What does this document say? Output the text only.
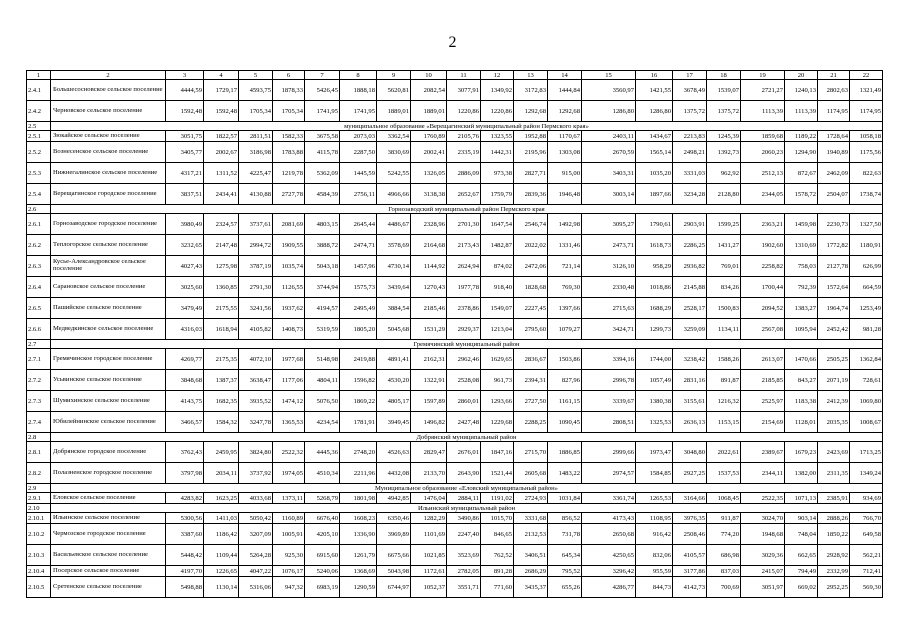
2
1	2	3	4	5	6	7	8	9	10	11	12	13	14	15	16	17	18	19	20	21	22
2.4.1	Большесосновское сельское поселение	4444,59	1729,17	4593,75	1878,33	5426,45	1888,18	5620,81	2082,54	3077,91	1349,92	3172,83	1444,84	3560,97	1421,55	3678,49	1539,07	2721,27	1240,13	2802,63	1321,49
2.4.2	Черновское сельское поселение	1592,48	1592,48	1705,34	1705,34	1741,95	1741,95	1889,01	1889,01	1220,86	1220,86	1292,68	1292,68	1286,80	1286,80	1375,72	1375,72	1113,39	1113,39	1174,95	1174,95
2.5	муниципальное образование «Верещагинский муниципальный район Пермского края»																				
2.5.1	Зюкайское сельское поселение	3051,75	1822,57	2811,51	1582,33	3675,58	2073,03	3362,54	1760,89	2105,76	1323,55	1952,88	1170,67	2403,11	1434,67	2213,83	1245,39	1859,68	1189,22	1728,64	1058,18
2.5.2	Вознесенское сельское поселение	3405,77	2002,67	3186,98	1783,88	4115,78	2287,50	3830,69	2002,41	2335,19	1442,31	2195,96	1303,08	2670,59	1565,14	2498,21	1392,73	2060,23	1294,90	1940,89	1175,56
2.5.3	Нижнегалинское сельское поселение	4317,21	1311,52	4225,47	1219,78	5362,09	1445,59	5242,55	1326,05	2886,09	973,38	2827,71	915,00	3403,31	1035,20	3331,03	962,92	2512,13	872,67	2462,09	822,63
2.5.4	Верещагинское городское поселение	3837,51	2434,41	4130,88	2727,78	4584,39	2756,11	4966,66	3138,38	2652,67	1759,79	2839,36	1946,48	3003,14	1897,66	3234,28	2128,80	2344,05	1578,72	2504,07	1738,74
2.6	Горнозаводский муниципальный район Пермского края																				
2.6.1	Горнозаводское городское поселение	3980,49	2324,57	3737,61	2081,69	4803,15	2645,44	4486,67	2328,96	2701,30	1647,54	2546,74	1492,98	3095,27	1790,61	2903,91	1599,25	2363,21	1459,98	2230,73	1327,50
2.6.2	Теплогорское сельское поселение	3232,65	2147,48	2994,72	1909,55	3888,72	2474,71	3578,69	2164,68	2173,43	1482,87	2022,02	1331,46	2473,71	1618,73	2286,25	1431,27	1902,60	1310,69	1772,82	1180,91
2.6.3	Кусье-Александровское сельское поселение	4027,43	1275,98	3787,19	1035,74	5043,18	1457,96	4730,14	1144,92	2624,94	874,02	2472,06	721,14	3126,10	958,29	2936,82	769,01	2258,82	758,03	2127,78	626,99
2.6.4	Сарановское сельское поселение	3025,60	1360,85	2791,30	1126,55	3744,94	1575,73	3439,64	1270,43	1977,78	918,40	1828,68	769,30	2330,48	1018,86	2145,88	834,26	1700,44	792,39	1572,64	664,59
2.6.5	Пашийское сельское поселение	3479,49	2175,55	3241,56	1937,62	4194,57	2495,49	3884,54	2185,46	2378,86	1549,07	2227,45	1397,66	2715,63	1688,29	2528,17	1500,83	2094,52	1383,27	1964,74	1253,49
2.6.6	Медведкинское сельское поселение	4316,03	1618,94	4105,82	1408,73	5319,59	1805,20	5045,68	1531,29	2929,37	1213,04	2795,60	1079,27	3424,71	1299,73	3259,09	1134,11	2567,08	1095,94	2452,42	981,28
2.7	Гремячинский муниципальный район																				
2.7.1	Гремячинское городское поселение	4269,77	2175,35	4072,10	1977,68	5148,98	2419,88	4891,41	2162,31	2962,46	1629,65	2836,67	1503,86	3394,16	1744,00	3238,42	1588,26	2613,07	1470,66	2505,25	1362,84
2.7.2	Усьвинское сельское поселение	3848,68	1387,37	3638,47	1177,06	4804,11	1596,82	4530,20	1322,91	2528,08	961,73	2394,31	827,96	2996,78	1057,49	2831,16	891,87	2185,85	843,27	2071,19	728,61
2.7.3	Шумихинское сельское поселение	4143,75	1682,35	3935,52	1474,12	5076,50	1869,22	4805,17	1597,89	2860,01	1293,66	2727,50	1161,15	3339,67	1380,38	3155,61	1216,32	2525,97	1183,38	2412,39	1069,80
2.7.4	Юбилейнинское сельское поселение	3466,57	1584,32	3247,78	1365,53	4234,54	1781,91	3949,45	1496,82	2427,48	1229,68	2288,25	1090,45	2808,51	1325,53	2636,13	1153,15	2154,69	1128,01	2035,35	1008,67
2.8	Добрянский муниципальный район																				
2.8.1	Добрянское городское поселение	3762,43	2459,95	3824,80	2522,32	4445,36	2748,20	4526,63	2829,47	2676,01	1847,16	2715,70	1886,85	2999,66	1973,47	3048,80	2022,61	2389,67	1679,23	2423,69	1713,25
2.8.2	Полазненское городское поселение	3797,98	2034,11	3737,92	1974,05	4510,34	2211,96	4432,08	2133,70	2643,90	1521,44	2605,68	1483,22	2974,57	1584,85	2927,25	1537,53	2344,11	1382,00	2311,35	1349,24
2.9	Муниципальное образование «Еловский муниципальный район»																				
2.9.1	Еловское сельское поселение	4283,82	1623,25	4033,68	1373,11	5268,79	1801,98	4942,85	1476,04	2884,11	1191,02	2724,93	1031,84	3361,74	1265,53	3164,66	1068,45	2522,35	1071,13	2385,91	934,69
2.10	Ильинский муниципальный район																				
2.10.1	Ильинское сельское поселение	5300,56	1411,03	5050,42	1160,89	6676,40	1608,23	6350,46	1282,29	3490,86	1015,70	3331,68	856,52	4173,43	1108,95	3976,35	911,87	3024,70	903,14	2888,26	766,70
2.10.2	Чермозское городское поселение	3387,60	1186,42	3207,09	1005,91	4205,10	1336,90	3969,89	1101,69	2247,40	846,65	2132,53	731,78	2650,68	916,42	2508,46	774,20	1948,68	748,04	1850,22	649,58
2.10.3	Васильевское сельское поселение	5448,42	1109,44	5264,28	925,30	6915,60	1261,79	6675,66	1021,85	3523,69	762,52	3406,51	645,34	4250,65	832,06	4105,57	686,98	3029,36	662,65	2928,92	562,21
2.10.4	Посерское сельское поселение	4197,70	1226,65	4047,22	1076,17	5240,06	1368,69	5043,98	1172,61	2782,05	891,28	2686,29	795,52	3296,42	955,59	3177,86	837,03	2415,07	794,49	2332,99	712,41
2.10.5	Сретенское сельское поселение	5498,88	1130,14	5316,06	947,32	6983,19	1290,59	6744,97	1052,37	3551,71	771,60	3435,37	655,26	4286,77	844,73	4142,73	700,69	3051,97	669,02	2952,25	569,30
